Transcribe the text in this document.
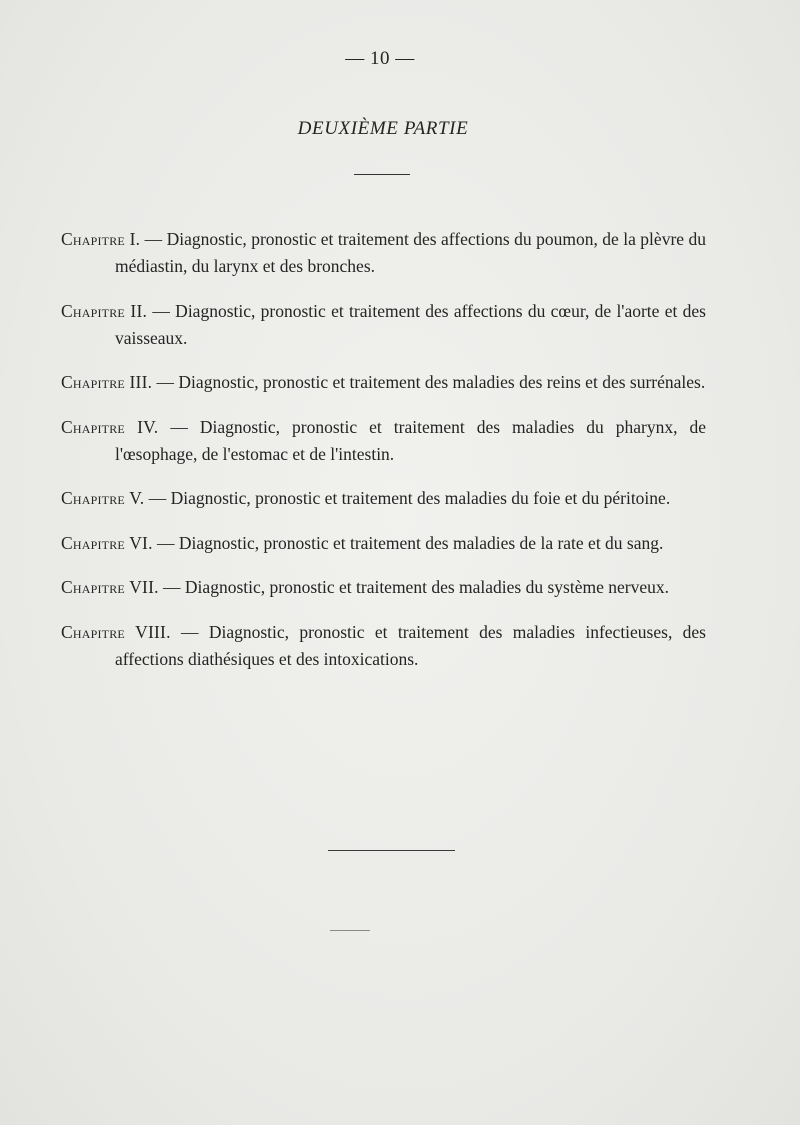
— 10 —
DEUXIÈME PARTIE

Chapitre I. — Diagnostic, pronostic et traitement des affections du poumon, de la plèvre du médiastin, du larynx et des bronches.

Chapitre II. — Diagnostic, pronostic et traitement des affections du cœur, de l'aorte et des vaisseaux.

Chapitre III. — Diagnostic, pronostic et traitement des maladies des reins et des surrénales.

Chapitre IV. — Diagnostic, pronostic et traitement des maladies du pharynx, de l'œsophage, de l'estomac et de l'intestin.

Chapitre V. — Diagnostic, pronostic et traitement des maladies du foie et du péritoine.

Chapitre VI. — Diagnostic, pronostic et traitement des maladies de la rate et du sang.

Chapitre VII. — Diagnostic, pronostic et traitement des maladies du système nerveux.

Chapitre VIII. — Diagnostic, pronostic et traitement des maladies infectieuses, des affections diathésiques et des intoxications.
